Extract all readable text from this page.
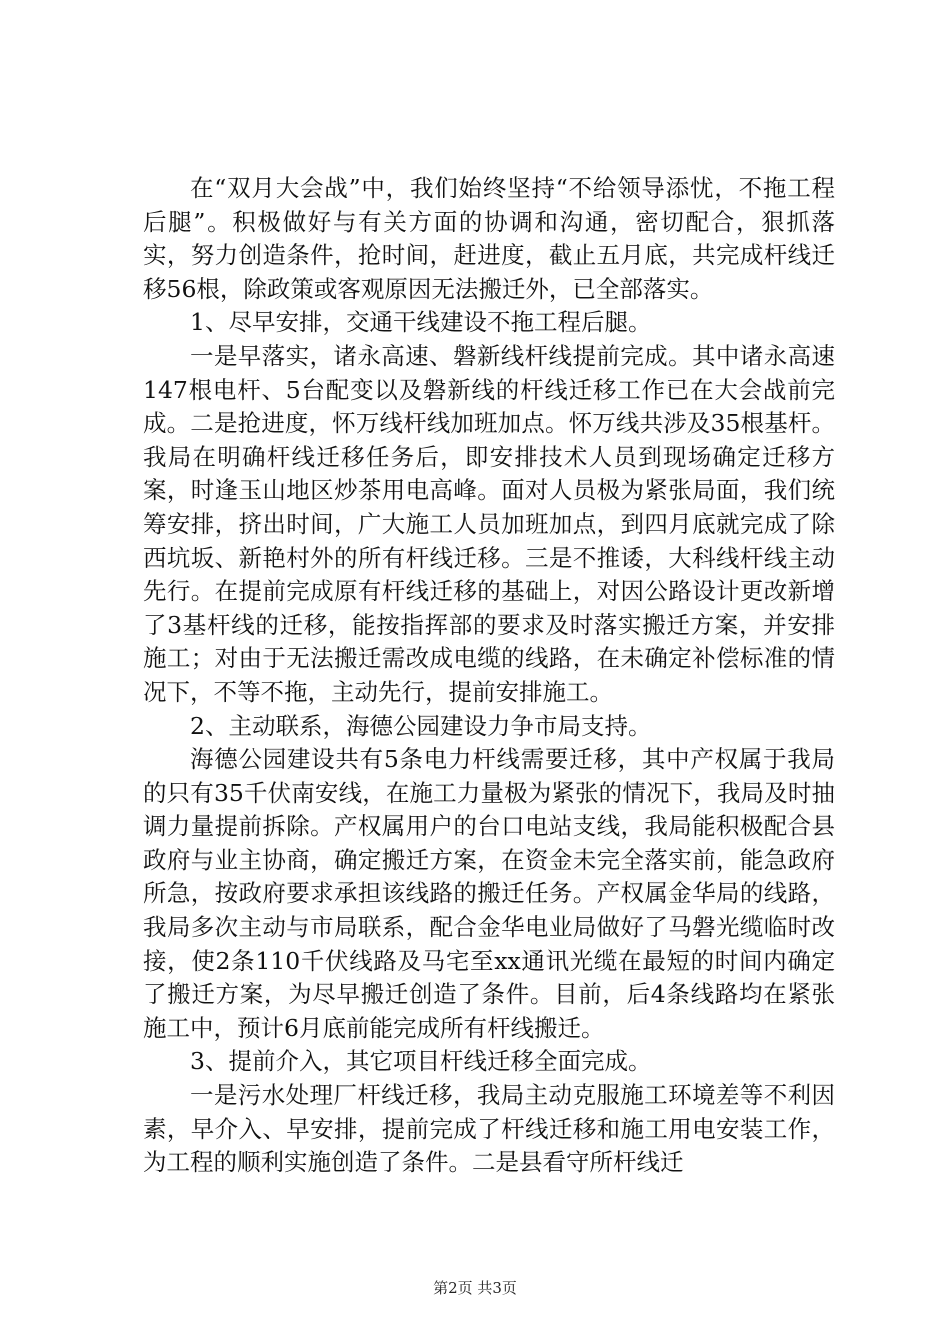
在“双月大会战”中，我们始终坚持“不给领导添忧，不拖工程后腿”。积极做好与有关方面的协调和沟通，密切配合，狠抓落实，努力创造条件，抢时间，赶进度，截止五月底，共完成杆线迁移56根，除政策或客观原因无法搬迁外，已全部落实。

1、尽早安排，交通干线建设不拖工程后腿。

一是早落实，诸永高速、磐新线杆线提前完成。其中诸永高速147根电杆、5台配变以及磐新线的杆线迁移工作已在大会战前完成。二是抢进度，怀万线杆线加班加点。怀万线共涉及35根基杆。我局在明确杆线迁移任务后，即安排技术人员到现场确定迁移方案，时逢玉山地区炒茶用电高峰。面对人员极为紧张局面，我们统筹安排，挤出时间，广大施工人员加班加点，到四月底就完成了除西坑坂、新艳村外的所有杆线迁移。三是不推诿，大科线杆线主动先行。在提前完成原有杆线迁移的基础上，对因公路设计更改新增了3基杆线的迁移，能按指挥部的要求及时落实搬迁方案，并安排施工；对由于无法搬迁需改成电缆的线路，在未确定补偿标准的情况下，不等不拖，主动先行，提前安排施工。

2、主动联系，海德公园建设力争市局支持。

海德公园建设共有5条电力杆线需要迁移，其中产权属于我局的只有35千伏南安线，在施工力量极为紧张的情况下，我局及时抽调力量提前拆除。产权属用户的台口电站支线，我局能积极配合县政府与业主协商，确定搬迁方案，在资金未完全落实前，能急政府所急，按政府要求承担该线路的搬迁任务。产权属金华局的线路，我局多次主动与市局联系，配合金华电业局做好了马磐光缆临时改接，使2条110千伏线路及马宅至xx通讯光缆在最短的时间内确定了搬迁方案，为尽早搬迁创造了条件。目前，后4条线路均在紧张施工中，预计6月底前能完成所有杆线搬迁。

3、提前介入，其它项目杆线迁移全面完成。

一是污水处理厂杆线迁移，我局主动克服施工环境差等不利因素，早介入、早安排，提前完成了杆线迁移和施工用电安装工作，为工程的顺利实施创造了条件。二是县看守所杆线迁

第2页 共3页
